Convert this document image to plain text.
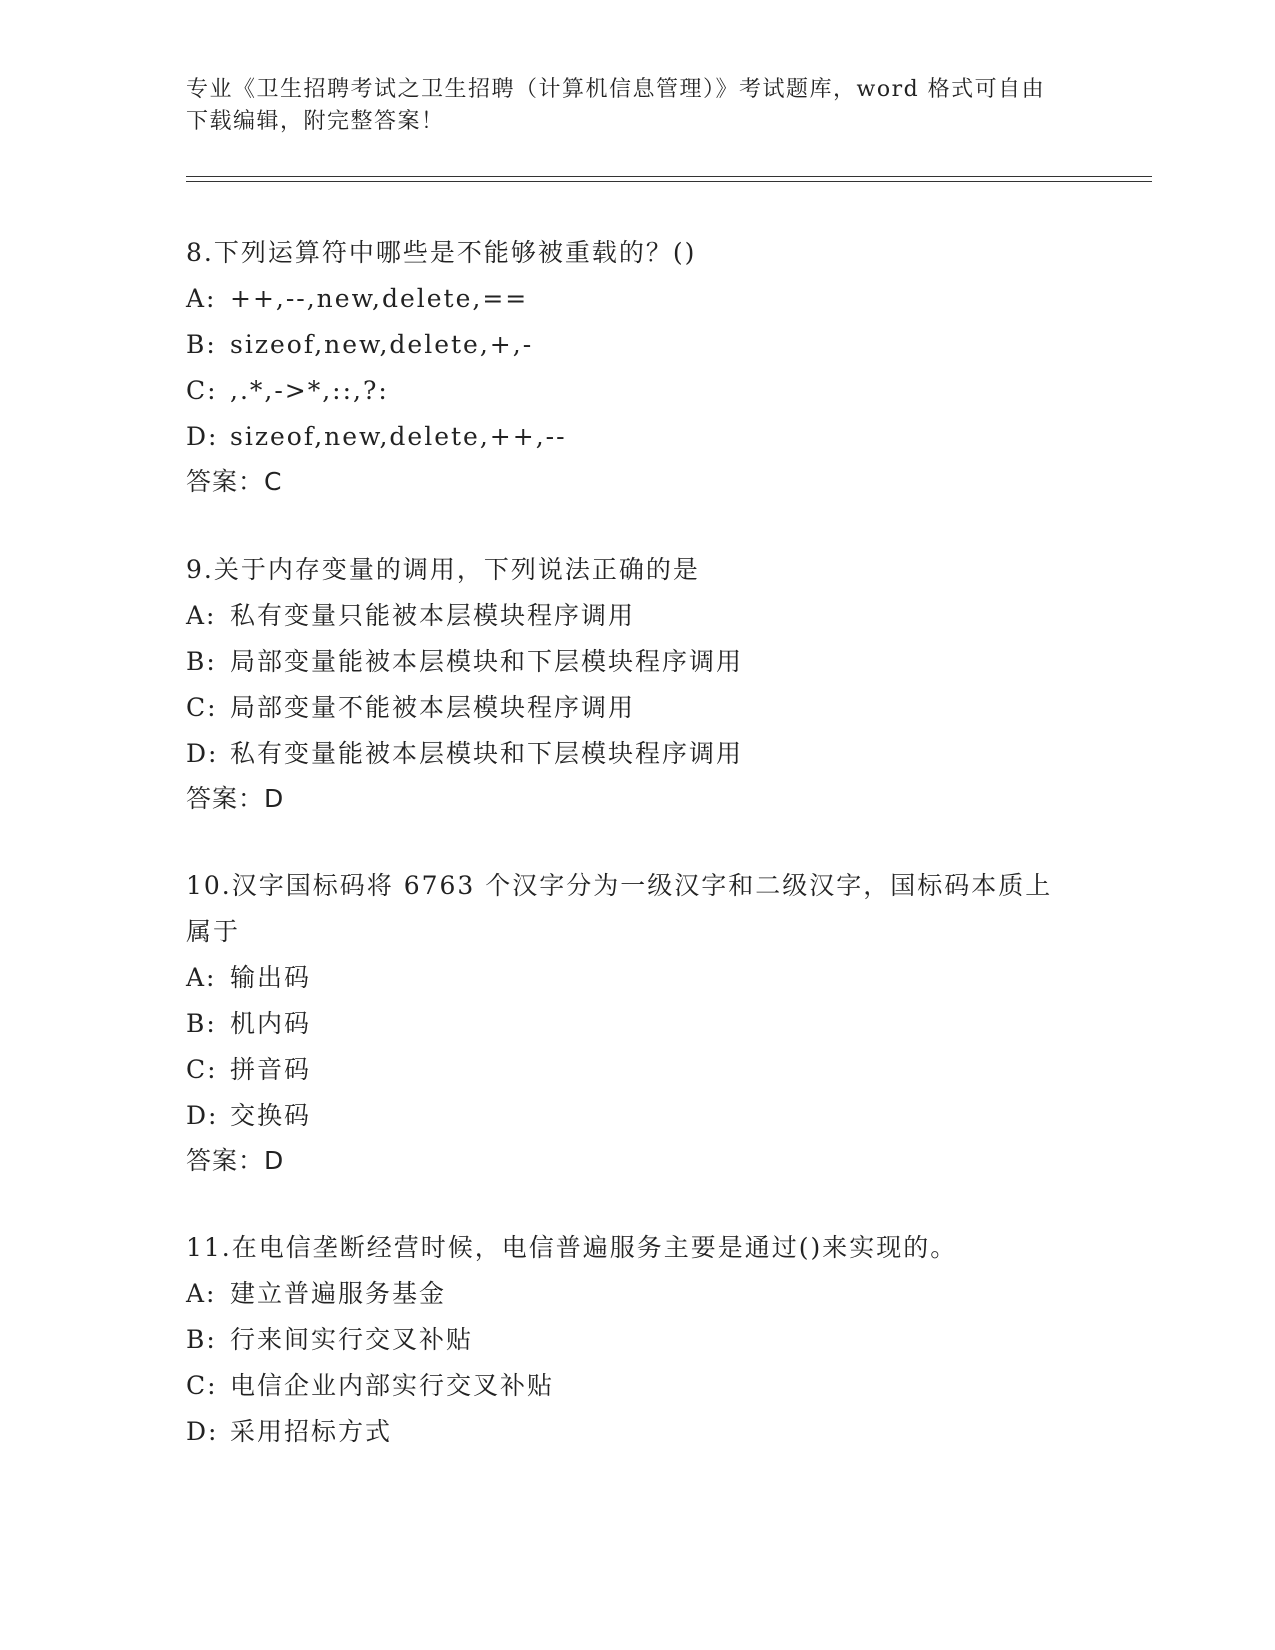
专业《卫生招聘考试之卫生招聘（计算机信息管理）》考试题库，word 格式可自由下载编辑，附完整答案！
8.下列运算符中哪些是不能够被重载的？()
A: ++,--,new,delete,==
B: sizeof,new,delete,+,-
C: ,.*,->*,::,?:
D: sizeof,new,delete,++,--
答案：C
9.关于内存变量的调用，下列说法正确的是
A: 私有变量只能被本层模块程序调用
B: 局部变量能被本层模块和下层模块程序调用
C: 局部变量不能被本层模块程序调用
D: 私有变量能被本层模块和下层模块程序调用
答案：D
10.汉字国标码将 6763 个汉字分为一级汉字和二级汉字，国标码本质上属于
A: 输出码
B: 机内码
C: 拼音码
D: 交换码
答案：D
11.在电信垄断经营时候，电信普遍服务主要是通过()来实现的。
A: 建立普遍服务基金
B: 行来间实行交叉补贴
C: 电信企业内部实行交叉补贴
D: 采用招标方式
